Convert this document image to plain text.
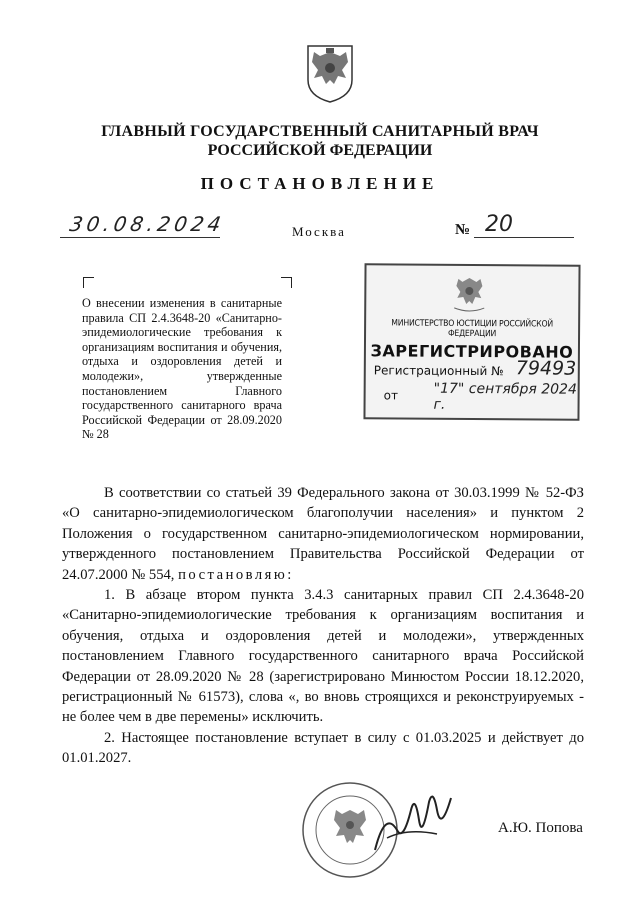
ГЛАВНЫЙ ГОСУДАРСТВЕННЫЙ САНИТАРНЫЙ ВРАЧ
РОССИЙСКОЙ ФЕДЕРАЦИИ
ПОСТАНОВЛЕНИЕ
30.08.2024	Москва	№ 20
О внесении изменения в санитарные правила СП 2.4.3648-20 «Санитарно-эпидемиологические требования к организациям воспитания и обучения, отдыха и оздоровления детей и молодежи», утвержденные постановлением Главного государственного санитарного врача Российской Федерации от 28.09.2020 № 28
МИНИСТЕРСТВО ЮСТИЦИИ РОССИЙСКОЙ ФЕДЕРАЦИИ
ЗАРЕГИСТРИРОВАНО
Регистрационный № 79493
от	"17" сентября 2024 г.

В соответствии со статьей 39 Федерального закона от 30.03.1999 № 52-ФЗ «О санитарно-эпидемиологическом благополучии населения» и пунктом 2 Положения о государственном санитарно-эпидемиологическом нормировании, утвержденного постановлением Правительства Российской Федерации от 24.07.2000 № 554, постановляю:

1. В абзаце втором пункта 3.4.3 санитарных правил СП 2.4.3648-20 «Санитарно-эпидемиологические требования к организациям воспитания и обучения, отдыха и оздоровления детей и молодежи», утвержденных постановлением Главного государственного санитарного врача Российской Федерации от 28.09.2020 № 28 (зарегистрировано Минюстом России 18.12.2020, регистрационный № 61573), слова «, во вновь строящихся и реконструируемых - не более чем в две перемены» исключить.

2. Настоящее постановление вступает в силу с 01.03.2025 и действует до 01.01.2027.

А.Ю. Попова
